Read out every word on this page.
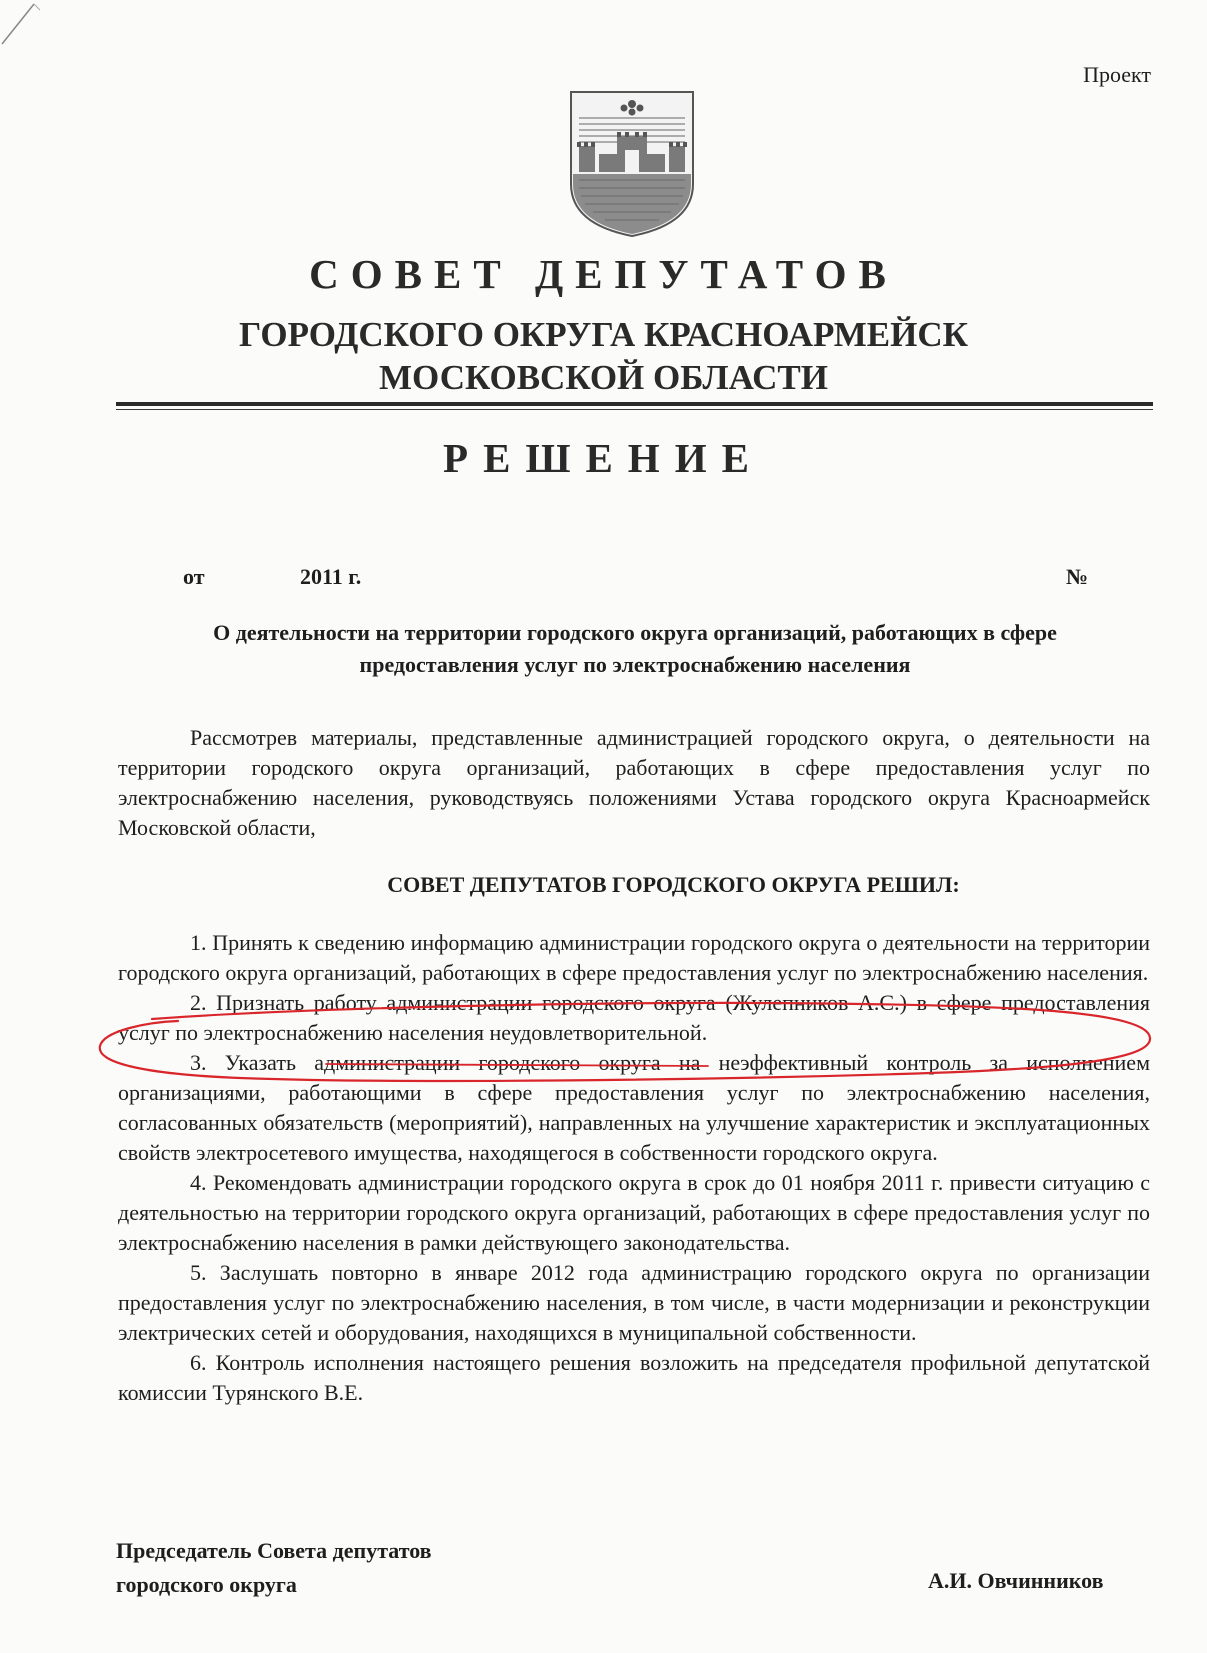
Проект
СОВЕТ ДЕПУТАТОВ
ГОРОДСКОГО ОКРУГА КРАСНОАРМЕЙСК
МОСКОВСКОЙ ОБЛАСТИ
РЕШЕНИЕ
от	2011 г.	№
О деятельности на территории городского округа организаций, работающих в сфере предоставления услуг по электроснабжению населения
Рассмотрев материалы, представленные администрацией городского округа, о деятельности на территории городского округа организаций, работающих в сфере предоставления услуг по электроснабжению населения, руководствуясь положениями Устава городского округа Красноармейск Московской области,
СОВЕТ ДЕПУТАТОВ ГОРОДСКОГО ОКРУГА РЕШИЛ:
1. Принять к сведению информацию администрации городского округа о деятельности на территории городского округа организаций, работающих в сфере предоставления услуг по электроснабжению населения.
2. Признать работу администрации городского округа (Жулепников А.С.) в сфере предоставления услуг по электроснабжению населения неудовлетворительной.
3. Указать администрации городского округа на неэффективный контроль за исполнением организациями, работающими в сфере предоставления услуг по электроснабжению населения, согласованных обязательств (мероприятий), направленных на улучшение характеристик и эксплуатационных свойств электросетевого имущества, находящегося в собственности городского округа.
4. Рекомендовать администрации городского округа в срок до 01 ноября 2011 г. привести ситуацию с деятельностью на территории городского округа организаций, работающих в сфере предоставления услуг по электроснабжению населения в рамки действующего законодательства.
5. Заслушать повторно в январе 2012 года администрацию городского округа по организации предоставления услуг по электроснабжению населения, в том числе, в части модернизации и реконструкции электрических сетей и оборудования, находящихся в муниципальной собственности.
6. Контроль исполнения настоящего решения возложить на председателя профильной депутатской комиссии Турянского В.Е.
Председатель Совета депутатов
городского округа	А.И. Овчинников
